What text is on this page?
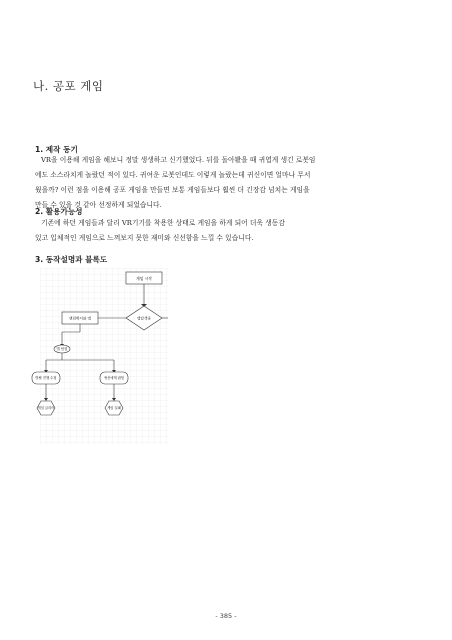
나. 공포 게임
1. 제작 동기
VR을 이용해 게임을 해보니 정말 생생하고 신기했었다. 뒤를 돌아봤을 때 귀엽게 생긴 로봇임
에도 소스라치게 놀랐던 적이 있다. 귀여운 로봇인데도 이렇게 놀랐는데 귀신이면 얼마나 무서
웠을까? 이런 점을 이용해 공포 게임을 만들면 보통 게임들보다 훨씬 더 긴장감 넘치는 게임을
만들 수 있을 것 같아 선정하게 되었습니다.
2. 활용가능성
기존에 하던 게임들과 달리 VR기기를 착용한 상태로 게임을 하게 되어 더욱 생동감
있고 입체적인 게임으로 느껴보지 못한 재미와 신선함을 느낄 수 있습니다.
3. 동작설명과 블록도
게임 시작
맵탐색중
랜덤확서와 맵
맵 탐험
방탈 진행 수집	귀신에게 잡힘
게임 클리어	게임 실패
- 385 -
